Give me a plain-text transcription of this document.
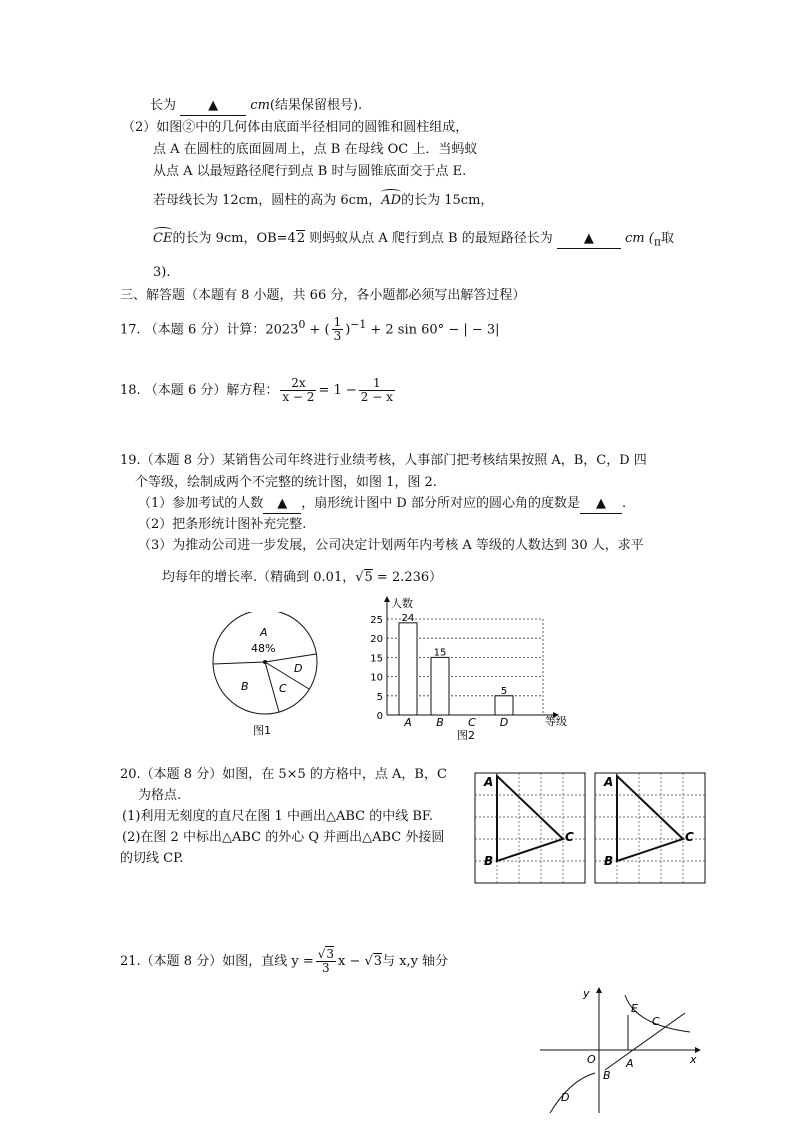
长为 ▲ cm(结果保留根号).
（2）如图②中的几何体由底面半径相同的圆锥和圆柱组成，
点 A 在圆柱的底面圆周上，点 B 在母线 OC 上．当蚂蚁
从点 A 以最短路径爬行到点 B 时与圆锥底面交于点 E.
若母线长为 12cm，圆柱的高为 6cm，AD的长为 15cm，
CE的长为 9cm，OB=42 则蚂蚁从点 A 爬行到点 B 的最短路径长为 ▲ cm ($_\pi$取
3).
三、解答题（本题有 8 小题，共 66 分，各小题都必须写出解答过程）
17. （本题 6 分）计算：$2023^0$ + ( $\frac{1}{3} )^{-1} + 2$ sin 60° − | − 3|
18. （本题 6 分）解方程： $\frac{2x}{x - 2} = 1 - \frac{1}{2 - x}$
19.（本题 8 分）某销售公司年终进行业绩考核，人事部门把考核结果按照 A，B，C，D 四
个等级，绘制成两个不完整的统计图，如图 1，图 2.
（1）参加考试的人数 ▲ ，扇形统计图中 D 部分所对应的圆心角的度数是 ▲ .
（2）把条形统计图补充完整.
（3）为推动公司进一步发展，公司决定计划两年内考核 A 等级的人数达到 30 人，求平
均每年的增长率.（精确到 0.01，√5 = 2.236）
A
48%
B	C
D
图1
0
5
10
15
20
25
人数
等级
24
A
15
B C
5
D
图2
20.（本题 8 分）如图，在 5×5 的方格中，点 A，B，C
为格点.
(1)利用无刻度的直尺在图 1 中画出△ABC 的中线 BF.
(2)在图 2 中标出△ABC 的外心 Q 并画出△ABC 外接圆
的切线 CP.
A
B
C
A
B
C
21.（本题 8 分）如图，直线 $y = \frac{√3}{3}$ x − √3与 x,y 轴分
y
x
O	A
B
C
D
E
